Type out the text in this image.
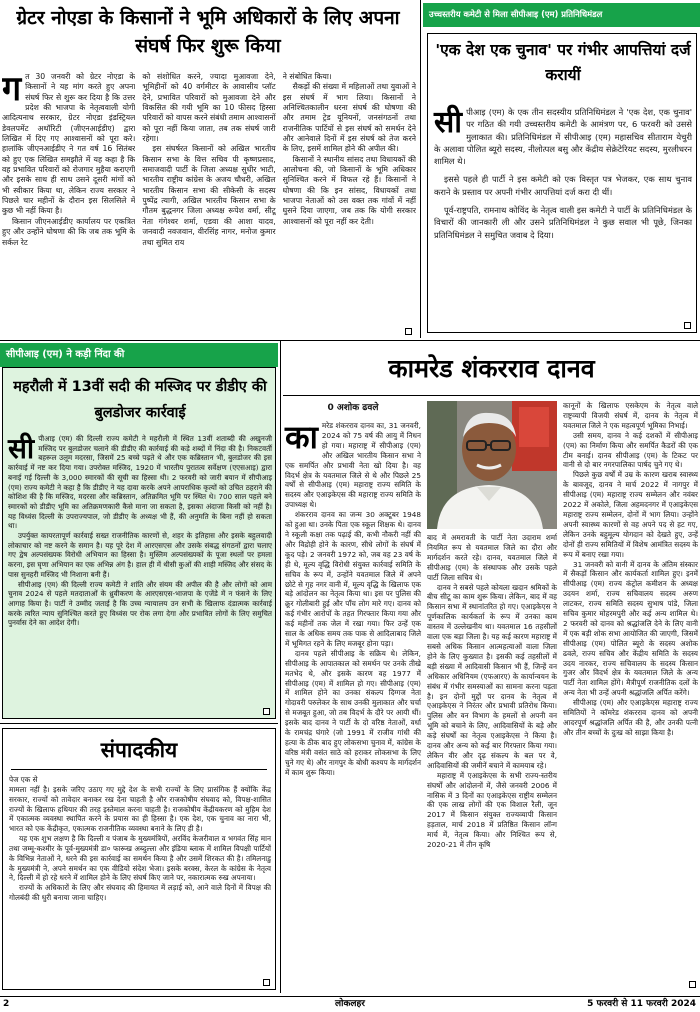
ग्रेटर नोएडा के किसानों ने भूमि अधिकारों के लिए अपना संघर्ष फिर शुरू किया
ग त 30 जनवरी को ग्रेटर नोएडा के किसानों ने यह मांग करते हुए अपना संघर्ष फिर से शुरू कर दिया है कि उत्तर प्रदेश की भाजपा के नेतृत्ववाली योगी आदित्यनाथ सरकार, ग्रेटर नोएडा इंडस्ट्रियल डेवलपमेंट अथॉरिटी (जीएनआईडीए) द्वारा लिखित में दिए गए आश्वासनों को पूरा करे। हालांकि जीएनआईडीए ने गत वर्ष 16 सितंबर को हुए एक लिखित समझौते में यह कहा है कि वह प्रभावित परिवारों को रोजगार मुहैया कराएगी और इसके साथ ही साथ उसने दूसरी मांगों को भी स्वीकार किया था, लेकिन राज्य सरकार ने पिछले चार महीनों के दौरान इस सिलसिले में कुछ भी नहीं किया है।

किसान जीएनआईडीए कार्यालय पर एकत्रित हुए और उन्होंने घोषणा की कि जब तक भूमि के सर्कल रेट

को संशोधित करने, ज्यादा मुआवजा देने, भूमिहीनों को 40 वर्गमीटर के आवासीय प्लॉट देने, प्रभावित परिवारों को मुआवजा देने और विकसित की गयी भूमि का 10 फीसद हिस्सा परिवारों को वापस करने संबंधी तमाम आश्वासनों को पूरा नहीं किया जाता, तब तक संघर्ष जारी रहेगा।

इस संघर्षरत किसानों को अखिल भारतीय किसान सभा के वित्त सचिव पी कृष्णप्रसाद, समाजवादी पार्टी के जिला अध्यक्ष सुधीर भाटी, भारतीय राष्ट्रीय कांग्रेस के अजय चौधरी, अखिल भारतीय किसान सभा की सीकेसी के सदस्य पुष्पेंद्र त्यागी, अखिल भारतीय किसान सभा के गौतम बुद्धनगर जिला अध्यक्ष रूपेश वर्मा, सीटू नेता गंगेश्वर शर्मा, एडवा की आशा यादव, जनवादी नवजवान, वीरसिंह नागर, मनोज कुमार तथा सुमित राय

ने संबोधित किया।

सैकड़ों की संख्या में महिलाओं तथा युवाओं ने इस संघर्ष में भाग लिया। किसानों ने अनिश्चितकालीन धरना संघर्ष की घोषणा की और तमाम ट्रेड यूनियनों, जनसंगठनों तथा राजनीतिक पार्टियों से इस संघर्ष को समर्थन देने और आनेवाले दिनों में इस संघर्ष को तेज करने के लिए, इसमें शामिल होने की अपील की।

किसानों ने स्थानीय सांसद तथा विधायकों की आलोचना की, जो किसानों के भूमि अधिकार सुनिश्चित करने में विफल रहे हैं। किसानों ने घोषणा की कि इन सांसद, विधायकों तथा भाजपा नेताओं को उस वक्त तक गांवों में नहीं घुसने दिया जाएगा, जब तक कि योगी सरकार आश्वासनों को पूरा नहीं कर देती।

उच्चस्तरीय कमेटी से मिला सीपीआइ (एम) प्रतिनिधिमंडल
'एक देश एक चुनाव' पर गंभीर आपत्तियां दर्ज करायीं
सी पीआइ (एम) के एक तीन सदस्यीय प्रतिनिधिमंडल ने 'एक देश, एक चुनाव' पर गठित की गयी उच्चस्तरीय कमेटी के आमंत्रण पर, 6 फरवरी को उससे मुलाकात की। प्रतिनिधिमंडल में सीपीआइ (एम) महासचिव सीताराम येचुरी के अलावा पोलित ब्यूरो सदस्य, नीलोत्पल बसु और केंद्रीय सेक्रेटेरियट सदस्य, मुरलीधरन शामिल थे।

इससे पहले ही पार्टी ने इस कमेटी को एक विस्तृत पत्र भेजकर, एक साथ चुनाव कराने के प्रस्ताव पर अपनी गंभीर आपत्तियां दर्ज करा दी थीं।

पूर्व-राष्ट्रपति, रामनाथ कोविंद के नेतृत्व वाली इस कमेटी ने पार्टी के प्रतिनिधिमंडल के विचारों की जानकारी ली और उसने प्रतिनिधिमंडल ने कुछ सवाल भी पूछे, जिनका प्रतिनिधिमंडल ने समुचित जवाब दे दिया।

सीपीआइ (एम) ने कड़ी निंदा की
महरौली में 13वीं सदी की मस्जिद पर डीडीए की बुलडोजर कार्रवाई
सी पीआइ (एम) की दिल्ली राज्य कमेटी ने महरौली में स्थित 13वीं शताब्दी की अखुनजी मस्जिद पर बुलडोजर चलाने की डीडीए की कार्रवाई की कड़े शब्दों में निंदा की है। निकटवर्ती बहरूल उलूम मदरसा, जिसमें 25 बच्चे पढ़ते थे और एक कब्रिस्तान भी, बुलडोजर की इस कार्रवाई में नष्ट कर दिया गया। उपरोक्त मस्जिद, 1920 में भारतीय पुरातत्व सर्वेक्षण (एएसआइ) द्वारा बनाई गई दिल्ली के 3,000 स्मारकों की सूची का हिस्सा थी। 2 फरवरी को जारी बयान में सीपीआइ (एम) राज्य कमेटी ने कहा है कि डीडीए ने यह दावा करके अपने आपराधिक कृत्यों को उचित ठहराने की कोशिश की है कि मस्जिद, मदरसा और कब्रिस्तान, अतिक्रमित भूमि पर स्थित थे। 700 साल पहले बने स्मारकों को डीडीए भूमि का अतिक्रमणकारी कैसे माना जा सकता है, इसका अंदाजा किसी को नहीं है। यह विध्वंस दिल्ली के उपराज्यपाल, जो डीडीए के अध्यक्ष भी हैं, की अनुमति के बिना नहीं हो सकता था।

उपर्युक्त कायरतापूर्ण कार्रवाई सख्त राजनीतिक कारणों से, शहर के इतिहास और इसके बहुलवादी लोकाचार को नष्ट करने के समान है। यह पूरे देश में आरएसएस और उसके संबद्ध संगठनों द्वारा चलाए गए द्वेष अल्पसंख्यक विरोधी अभियान का हिस्सा है। मुस्लिम अल्पसंख्यकों के पूजा स्थलों पर हमला करना, इस घृणा अभियान का एक अभिन्न अंग है। हाल ही में थीसी कुओं की शाही मस्जिद और संसद के पास सुनहरी मस्जिद भी निशाना बनी हैं।

सीपीआइ (एम) की दिल्ली राज्य कमेटी ने शांति और संयम की अपील की है और लोगों को आम चुनाव 2024 से पहले मतदाताओं के ध्रुवीकरण के आरएसएस-भाजपा के एजेंडे में न फंसने के लिए आगाह किया है। पार्टी ने उम्मीद जताई है कि उच्च न्यायालय उन सभी के खिलाफ दंडात्मक कार्रवाई करके त्वरित न्याय सुनिश्चित करते हुए विध्वंस पर रोक लगा देगा और प्रभावित लोगों के लिए समुचित पुनर्वास देने का आदेश देगी।

संपादकीय

पेज एक से

मामला नहीं है। इसके जरिए उठाए गए मुद्दे देश के सभी राज्यों के लिए प्रासंगिक हैं क्योंकि केंद्र सरकार, राज्यों को तावेदार बनाकर रख देना चाहती है और राजकोषीय संघवाद को, विपक्ष-शासित राज्यों के खिलाफ हथियार की तरह इस्तेमाल करना चाहती है। राजकोषीय केंद्रीयकरण को मुहिम देश में एकात्मक व्यवस्था स्थापित करने के प्रयास का ही हिस्सा है। एक देश, एक चुनाव का नारा भी, भारत को एक केंद्रीकृत, एकात्मक राजनीतिक व्यवस्था बनाने के लिए ही है।

यह एक शुभ लक्षण है कि दिल्ली व पंजाब के मुख्यमंत्रियों, अरविंद केजरीवाल व भगवंत सिंह मान तथा जम्मू-कश्मीर के पूर्व-मुख्यमंत्री डा० फारूख अब्दुल्ला और इंडिया ब्लाक में शामिल विपक्षी पार्टियों के विभिन्न नेताओं ने, धरने की इस कार्रवाई का समर्थन किया है और उसमें शिरकत की है। तमिलनाडु के मुख्यमंत्री ने, अपने समर्थन का एक वीडियो संदेश भेजा। इसके बरक्स, केरल के कांग्रेस के नेतृत्व ने, दिल्ली में हो रहे धरने में शामिल होने के लिए संघर्ष किए जाने पर, नकारात्मक रुख अपनाया।

राज्यों के अधिकारों के लिए और संघवाद की हिमायत में लड़ाई को, आने वाले दिनों में विपक्ष की गोलबंदी की धुरी बनाया जाना चाहिए।

कामरेड शंकरराव दानव

0 अशोक ढवले

का मरेड शंकरराव दानव का, 31 जनवरी, 2024 को 75 वर्ष की आयु में निधन हो गया। महाराष्ट्र में सीपीआइ (एम) और अखिल भारतीय किसान सभा ने एक समर्पित और प्रभावी नेता खो दिया है। वह विदर्भ क्षेत्र के यवतमाल जिले से थे और पिछले 25 वर्षों से सीपीआइ (एम) महाराष्ट्र राज्य समिति के सदस्य और एआइकेएस की महाराष्ट्र राज्य समिति के उपाध्यक्ष थे।

शंकरराव दानव का जन्म 30 अक्टूबर 1948 को हुआ था। उनके पिता एक स्कूल शिक्षक थे। दानव ने स्कूली कक्षा तक पढ़ाई की, कभी नौकरी नहीं की और विद्रोही होने के कारण, सीधे लोगों के संघर्ष में कूद पड़े। 2 जनवरी 1972 को, जब वह 23 वर्ष के ही थे, मूल्य वृद्धि विरोधी संयुक्त कार्रवाई समिति के सचिव के रूप में, उन्होंने यवतमाल जिले में अपने छोटे से गृह नगर वानी में, मूल्य वृद्धि के खिलाफ एक बड़े आंदोलन का नेतृत्व किया था। इस पर पुलिस की क्रूर गोलीबारी हुई और पाँच लोग मारे गए। दानव को कई गंभीर आरोपों के तहत गिरफ्तार किया गया और कई महीनों तक जेल में रखा गया। फिर उन्हें एक साल के अधिक समय तक पाक से आदिलाबाद जिले में भूमिगत रहने के लिए मजबूर होना पड़ा।

दानव पहले सीपीआइ के सक्रिय थे। लेकिन, सीपीआइ के आपातकाल को समर्थन पर उनके तीखे मतभेद थे, और इसके कारण वह 1977 में सीपीआइ (एम) में शामिल हो गए। सीपीआइ (एम) में शामिल होने का उनका संकल्प दिग्गज नेता गोदावरी परुलेकर के साथ उनकी मुलाकात और चर्चा से मजबूत हुआ, जो तब विदर्भ के दौरे पर आयी थीं। इसके बाद दानव ने पार्टी के दो वरिष्ठ नेताओं, वर्धा के रामचंद्र घंगारे (जो 1991 में राजीव गांधी की हत्या के ठीक बाद हुए लोकसभा चुनाव में, कांग्रेस के वरिष्ठ मंत्री वसंत साठे को हराकर लोकसभा के लिए चुने गए थे) और नागपुर के बोधी कश्यप के मार्गदर्शन में काम शुरू किया।

बाद में अमरावती के पार्टी नेता उदाराम शर्मा नियमित रूप से यवतमाल जिले का दौरा और मार्गदर्शन करते रहे। दानव, यवतमाल जिले में सीपीआइ (एम) के संस्थापक और उसके पहले पार्टी जिला सचिव थे।

दानव ने सबसे पहले कोयला खदान श्रमिकों के बीच सीटू का काम शुरू किया। लेकिन, बाद में वह किसान सभा में स्थानांतरित हो गए। एआइकेएस ने पूर्णकालिक कार्यकर्ता के रूप में उनका काम वास्तव में उल्लेखनीय था। यवतमाल 16 तहसीलों वाला एक बड़ा जिला है। यह कई कारण महाराष्ट्र में सबसे अधिक किसान आत्महत्याओं वाला जिला होने के लिए कुख्यात है। इसकी कई तहसीलों में बड़ी संख्या में आदिवासी किसान भी हैं, जिन्हें वन अधिकार अधिनियम (एफआरए) के कार्यान्वयन के संबंध में गंभीर समस्याओं का सामना करना पड़ता है। इन दोनों मुद्दों पर दानव के नेतृत्व में एआइकेएस ने निरंतर और प्रभावी प्रतिरोध किया। पुलिस और वन विभाग के हमलों से अपनी वन भूमि को बचाने के लिए, आदिवासियों के बड़े और कड़े संघर्षों का नेतृत्व एआइकेएस ने किया है। दानव और अन्य को कई बार गिरफ्तार किया गया। लेकिन वीर और दृढ़ संकल्प के बल पर वे, आदिवासियों की जमीनें बचाने में कामयाब रहे।

महाराष्ट्र में एआइकेएस के सभी राज्य-स्तरीय संघर्षों और आंदोलनों में, जैसे जनवरी 2006 में नासिक में 3 दिनों का एआइकेएस राष्ट्रीय सम्मेलन की एक लाख लोगों की एक विशाल रैली, जून 2017 में किसान संयुक्त राज्यव्यापी किसान हड़ताल, मार्च 2018 में प्रतिष्ठित किसान लॉन्ग मार्च में, नेतृत्व किया। और निश्चित रूप से, 2020-21 में तीन कृषि

कानूनों के खिलाफ एसकेएम के नेतृत्व वाले राष्ट्रव्यापी विजयी संघर्ष में, दानव के नेतृत्व में यवतमाल जिले ने एक महत्वपूर्ण भूमिका निभाई।

उसी समय, दानव ने कई दशकों में सीपीआइ (एम) का निर्माण किया और समर्पित कैडरों की एक टीम बनाई। दानव सीपीआइ (एम) के टिकट पर वानी से दो बार नगरपालिका पार्षद चुने गए थे।

पिछले कुछ वर्षों में उम्र के कारण खराब स्वास्थ्य के बावजूद, दानव ने मार्च 2022 में नागपुर में सीपीआइ (एम) महाराष्ट्र राज्य सम्मेलन और नवंबर 2022 में अकोले, जिला अहमदनगर में एआइकेएस महाराष्ट्र राज्य सम्मेलन, दोनों में भाग लिया। उन्होंने अपनी स्वास्थ्य कारणों से वह अपने पद से हट गए, लेकिन उनके बहुमूल्य योगदान को देखते हुए, उन्हें दोनों ही राज्य समितियों में विशेष आमंत्रित सदस्य के रूप में बनाए रखा गया।

31 जनवरी को वानी में दानव के अंतिम संस्कार में सैकड़ों किसान और कार्यकर्ता शामिल हुए। इनमें सीपीआइ (एम) राज्य कंट्रोल कमीशन के अध्यक्ष उदयन शर्मा, राज्य सचिवालय सदस्य अरुण लाटकर, राज्य समिति सदस्य सुभाष पांडे, जिला सचिव कुमार मोहरमपुरी और कई अन्य शामिल थे। 2 फरवरी को दानव को श्रद्धांजलि देने के लिए वानी में एक बड़ी शोक सभा आयोजित की जाएगी, जिसमें सीपीआइ (एम) पोलित ब्यूरो के सदस्य अशोक ढवले, राज्य सचिव और केंद्रीय समिति के सदस्य उदय नारकर, राज्य सचिवालय के सदस्य किसान गुजर और विदर्भ क्षेत्र के यवतमाल जिले के अन्य पार्टी नेता शामिल होंगे। मैत्रीपूर्ण राजनीतिक दलों के अन्य नेता भी उन्हें अपनी श्रद्धांजलि अर्पित करेंगे।

सीपीआइ (एम) और एआइकेएस महाराष्ट्र राज्य समितियों ने कॉमरेड शंकरराव दानव को अपनी आदरपूर्ण श्रद्धांजलि अर्पित की है, और उनकी पत्नी और तीन बच्चों के दुःख को साझा किया है।

2	लोकलहर	5 फरवरी से 11 फरवरी 2024
